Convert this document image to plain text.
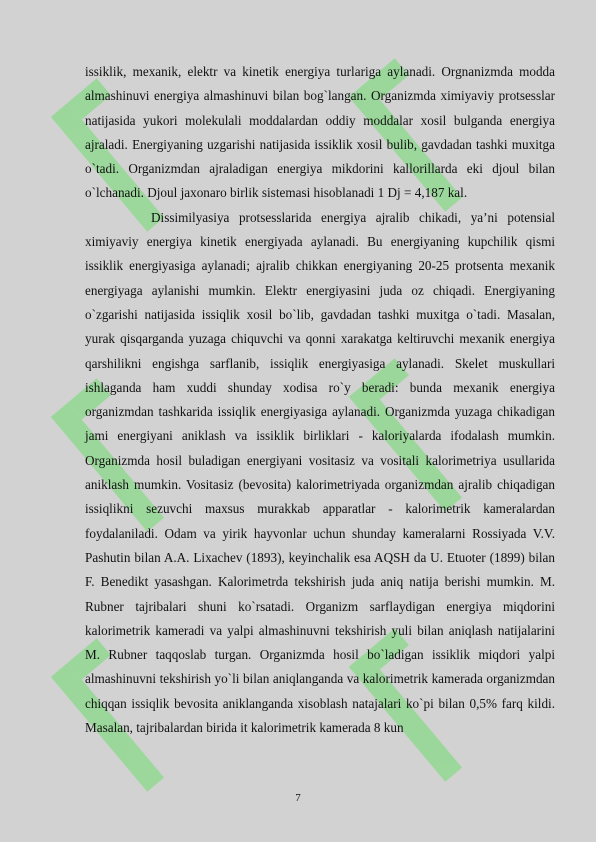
issiklik, mexanik, elektr va kinetik energiya turlariga aylanadi. Orgnanizmda modda almashinuvi energiya almashinuvi bilan bog`langan. Organizmda ximiyaviy protsesslar natijasida yukori molekulali moddalardan oddiy moddalar xosil bulganda energiya ajraladi. Energiyaning uzgarishi natijasida issiklik xosil bulib, gavdadan tashki muxitga o`tadi. Organizmdan ajraladigan energiya mikdorini kallorillarda eki djoul bilan o`lchanadi. Djoul jaxonaro birlik sistemasi hisoblanadi 1 Dj = 4,187 kal.

Dissimilyasiya protsesslarida energiya ajralib chikadi, ya’ni potensial ximiyaviy energiya kinetik energiyada aylanadi. Bu energiyaning kupchilik qismi issiklik energiyasiga aylanadi; ajralib chikkan energiyaning 20-25 protsenta mexanik energiyaga aylanishi mumkin. Elektr energiyasini juda oz chiqadi. Energiyaning o`zgarishi natijasida issiqlik xosil bo`lib, gavdadan tashki muxitga o`tadi. Masalan, yurak qisqarganda yuzaga chiquvchi va qonni xarakatga keltiruvchi mexanik energiya qarshilikni engishga sarflanib, issiqlik energiyasiga aylanadi. Skelet muskullari ishlaganda ham xuddi shunday xodisa ro`y beradi: bunda mexanik energiya organizmdan tashkarida issiqlik energiyasiga aylanadi. Organizmda yuzaga chikadigan jami energiyani aniklash va issiklik birliklari - kaloriyalarda ifodalash mumkin. Organizmda hosil buladigan energiyani vositasiz va vositali kalorimetriya usullarida aniklash mumkin. Vositasiz (bevosita) kalorimetriyada organizmdan ajralib chiqadigan issiqlikni sezuvchi maxsus murakkab apparatlar - kalorimetrik kameralardan foydalaniladi. Odam va yirik hayvonlar uchun shunday kameralarni Rossiyada V.V. Pashutin bilan A.A. Lixachev (1893), keyinchalik esa AQSH da U. Etuoter (1899) bilan F. Benedikt yasashgan. Kalorimetrda tekshirish juda aniq natija berishi mumkin. M. Rubner tajribalari shuni ko`rsatadi. Organizm sarflaydigan energiya miqdorini kalorimetrik kameradi va yalpi almashinuvni tekshirish yuli bilan aniqlash natijalarini M. Rubner taqqoslab turgan. Organizmda hosil bo`ladigan issiklik miqdori yalpi almashinuvni tekshirish yo`li bilan aniqlanganda va kalorimetrik kamerada organizmdan chiqqan issiqlik bevosita aniklanganda xisoblash natajalari ko`pi bilan 0,5% farq kildi. Masalan, tajribalardan birida it kalorimetrik kamerada 8 kun

7
